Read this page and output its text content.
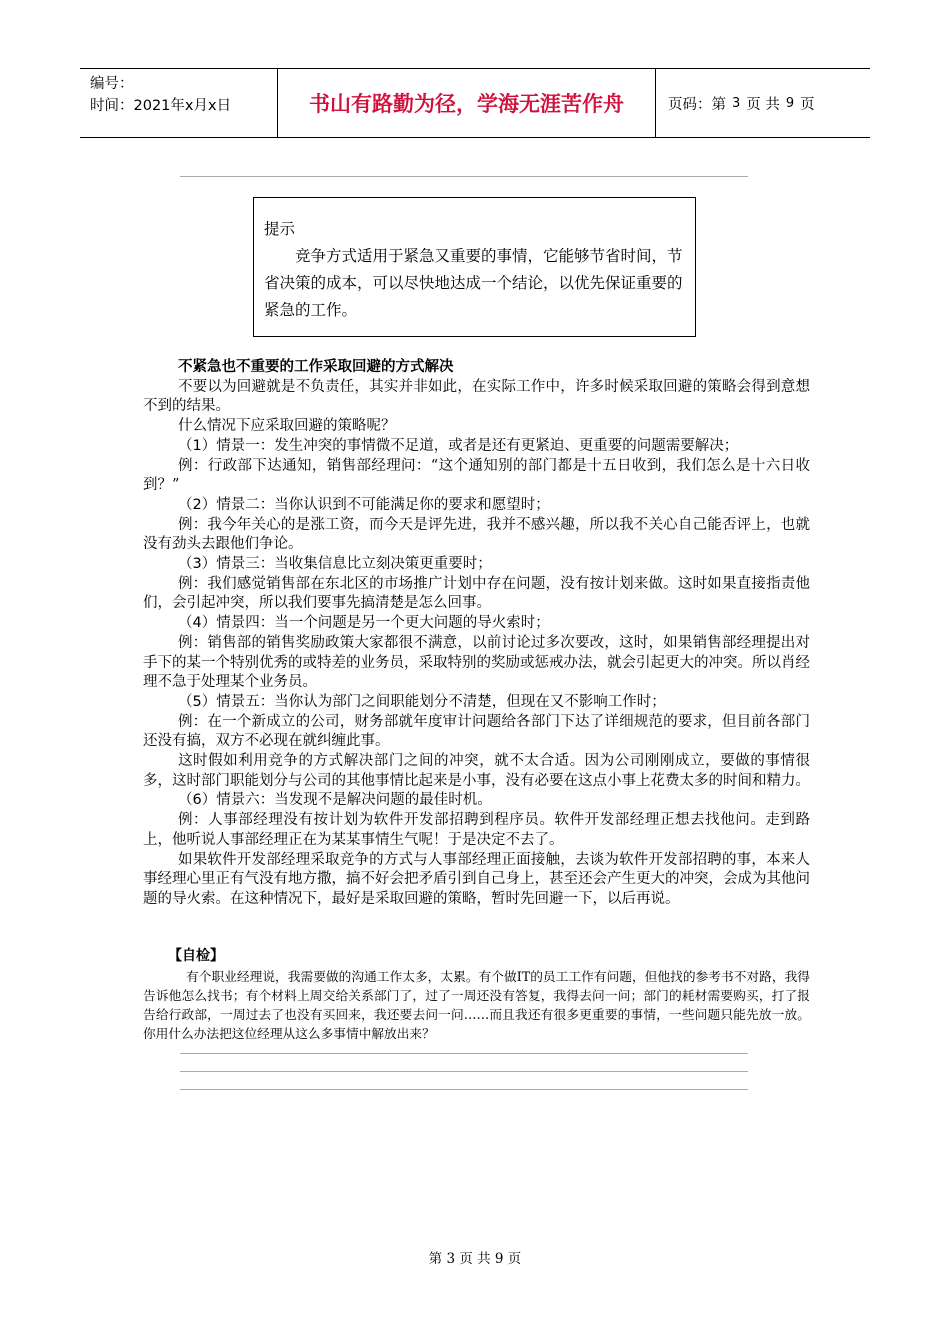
编号：
时间：2021年x月x日	书山有路勤为径，学海无涯苦作舟	页码：第 3 页 共 9 页
提示
竞争方式适用于紧急又重要的事情，它能够节省时间，节省决策的成本，可以尽快地达成一个结论，以优先保证重要的紧急的工作。

不紧急也不重要的工作采取回避的方式解决

不要以为回避就是不负责任，其实并非如此，在实际工作中，许多时候采取回避的策略会得到意想不到的结果。

什么情况下应采取回避的策略呢？

（1）情景一：发生冲突的事情微不足道，或者是还有更紧迫、更重要的问题需要解决；

例：行政部下达通知，销售部经理问：“这个通知别的部门都是十五日收到，我们怎么是十六日收到？”

（2）情景二：当你认识到不可能满足你的要求和愿望时；

例：我今年关心的是涨工资，而今天是评先进，我并不感兴趣，所以我不关心自己能否评上，也就没有劲头去跟他们争论。

（3）情景三：当收集信息比立刻决策更重要时；

例：我们感觉销售部在东北区的市场推广计划中存在问题，没有按计划来做。这时如果直接指责他们，会引起冲突，所以我们要事先搞清楚是怎么回事。

（4）情景四：当一个问题是另一个更大问题的导火索时；

例：销售部的销售奖励政策大家都很不满意，以前讨论过多次要改，这时，如果销售部经理提出对手下的某一个特别优秀的或特差的业务员，采取特别的奖励或惩戒办法，就会引起更大的冲突。所以肖经理不急于处理某个业务员。

（5）情景五：当你认为部门之间职能划分不清楚，但现在又不影响工作时；

例：在一个新成立的公司，财务部就年度审计问题给各部门下达了详细规范的要求，但目前各部门还没有搞，双方不必现在就纠缠此事。

这时假如利用竞争的方式解决部门之间的冲突，就不太合适。因为公司刚刚成立，要做的事情很多，这时部门职能划分与公司的其他事情比起来是小事，没有必要在这点小事上花费太多的时间和精力。

（6）情景六：当发现不是解决问题的最佳时机。

例：人事部经理没有按计划为软件开发部招聘到程序员。软件开发部经理正想去找他问。走到路上，他听说人事部经理正在为某某事情生气呢！于是决定不去了。

如果软件开发部经理采取竞争的方式与人事部经理正面接触，去谈为软件开发部招聘的事，本来人事经理心里正有气没有地方撒，搞不好会把矛盾引到自己身上，甚至还会产生更大的冲突，会成为其他问题的导火索。在这种情况下，最好是采取回避的策略，暂时先回避一下，以后再说。

【自检】

有个职业经理说，我需要做的沟通工作太多，太累。有个做IT的员工工作有问题，但他找的参考书不对路，我得告诉他怎么找书；有个材料上周交给关系部门了，过了一周还没有答复，我得去问一问；部门的耗材需要购买，打了报告给行政部，一周过去了也没有买回来，我还要去问一问……而且我还有很多更重要的事情，一些问题只能先放一放。你用什么办法把这位经理从这么多事情中解放出来？

第 3 页 共 9 页
